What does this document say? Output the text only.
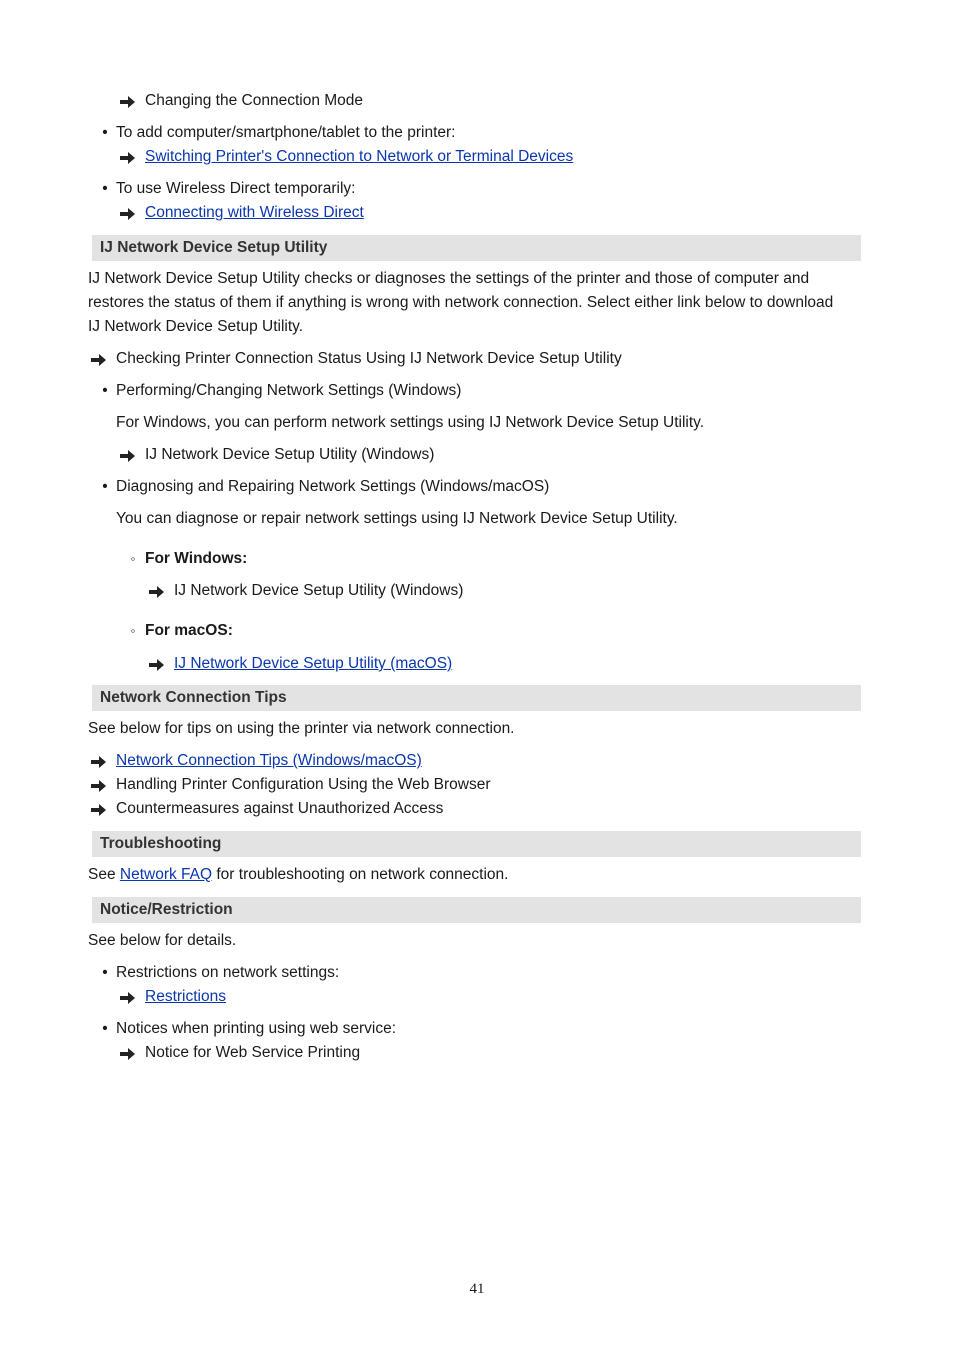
Changing the Connection Mode
• To add computer/smartphone/tablet to the printer:
Switching Printer's Connection to Network or Terminal Devices
• To use Wireless Direct temporarily:
Connecting with Wireless Direct
IJ Network Device Setup Utility
IJ Network Device Setup Utility checks or diagnoses the settings of the printer and those of computer and
restores the status of them if anything is wrong with network connection. Select either link below to download
IJ Network Device Setup Utility.
Checking Printer Connection Status Using IJ Network Device Setup Utility
• Performing/Changing Network Settings (Windows)
For Windows, you can perform network settings using IJ Network Device Setup Utility.
IJ Network Device Setup Utility (Windows)
• Diagnosing and Repairing Network Settings (Windows/macOS)
You can diagnose or repair network settings using IJ Network Device Setup Utility.
◦ For Windows:
IJ Network Device Setup Utility (Windows)
◦ For macOS:
IJ Network Device Setup Utility (macOS)
Network Connection Tips
See below for tips on using the printer via network connection.
Network Connection Tips (Windows/macOS)
Handling Printer Configuration Using the Web Browser
Countermeasures against Unauthorized Access
Troubleshooting
See Network FAQ for troubleshooting on network connection.
Notice/Restriction
See below for details.
• Restrictions on network settings:
Restrictions
• Notices when printing using web service:
Notice for Web Service Printing
41
